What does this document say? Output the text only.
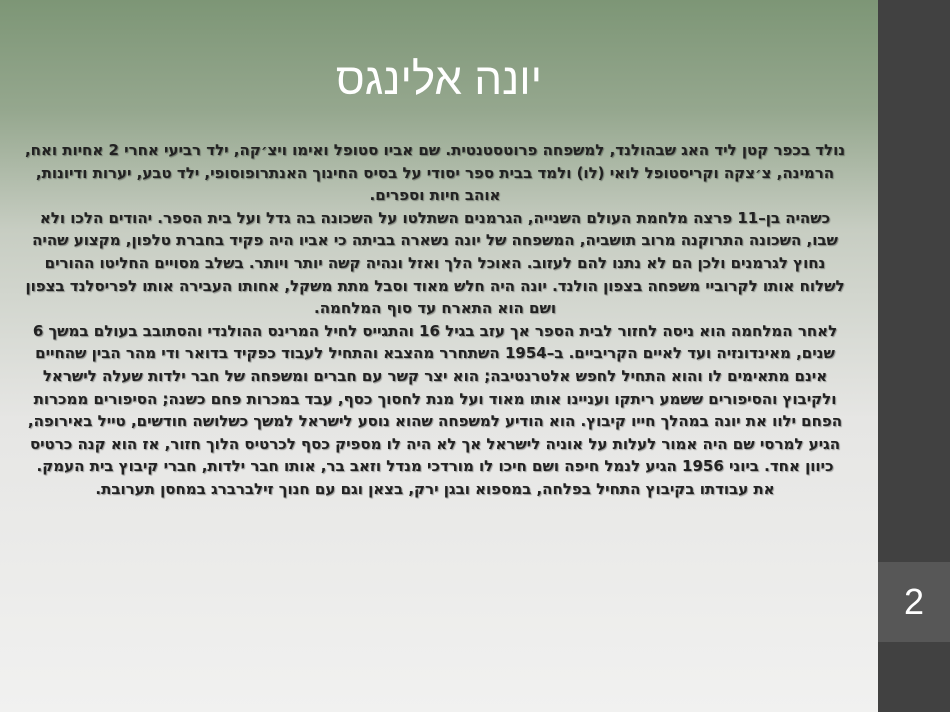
יונה אלינגס

נולד בכפר קטן ליד האג שבהולנד, למשפחה פרוטסטנטית. שם אביו סטופל ואימו ויצ׳קה, ילד רביעי אחרי 2 אחיות ואח, הרמינה, צ׳צקה וקריסטופל לואי (לו) ולמד בבית ספר יסודי על בסיס החינוך האנתרופוסופי, ילד טבע, יערות ודיונות, אוהב חיות וספרים.

כשהיה בן–11 פרצה מלחמת העולם השנייה, הגרמנים השתלטו על השכונה בה גדל ועל בית הספר. יהודים הלכו ולא שבו, השכונה התרוקנה מרוב תושביה, המשפחה של יונה נשארה בביתה כי אביו היה פקיד בחברת טלפון, מקצוע שהיה נחוץ לגרמנים ולכן הם לא נתנו להם לעזוב. האוכל הלך ואזל ונהיה קשה יותר ויותר. בשלב מסויים החליטו ההורים לשלוח אותו לקרוביי משפחה בצפון הולנד. יונה היה חלש מאוד וסבל מתת משקל, אחותו העבירה אותו לפריסלנד בצפון ושם הוא התארח עד סוף המלחמה.

לאחר המלחמה הוא ניסה לחזור לבית הספר אך עזב בגיל 16 והתגייס לחיל המרינס ההולנדי והסתובב בעולם במשך 6 שנים, מאינדונזיה ועד לאיים הקריביים. ב–1954 השתחרר מהצבא והתחיל לעבוד כפקיד בדואר ודי מהר הבין שהחיים אינם מתאימים לו והוא התחיל לחפש אלטרנטיבה; הוא יצר קשר עם חברים ומשפחה של חבר ילדות שעלה לישראל ולקיבוץ והסיפורים ששמע ריתקו ועניינו אותו מאוד ועל מנת לחסוך כסף, עבד במכרות פחם כשנה; הסיפורים ממכרות הפחם ילוו את יונה במהלך חייו קיבוץ. הוא הודיע למשפחה שהוא נוסע לישראל למשך כשלושה חודשים, טייל באירופה, הגיע למרסי שם היה אמור לעלות על אוניה לישראל אך לא היה לו מספיק כסף לכרטיס הלוך חזור, אז הוא קנה כרטיס כיוון אחד. ביוני 1956 הגיע לנמל חיפה ושם חיכו לו מורדכי מנדל וזאב בר, אותו חבר ילדות, חברי קיבוץ בית העמק.

את עבודתו בקיבוץ התחיל בפלחה, במספוא ובגן ירק, בצאן וגם עם חנוך זילברברג במחסן תערובת.

2
